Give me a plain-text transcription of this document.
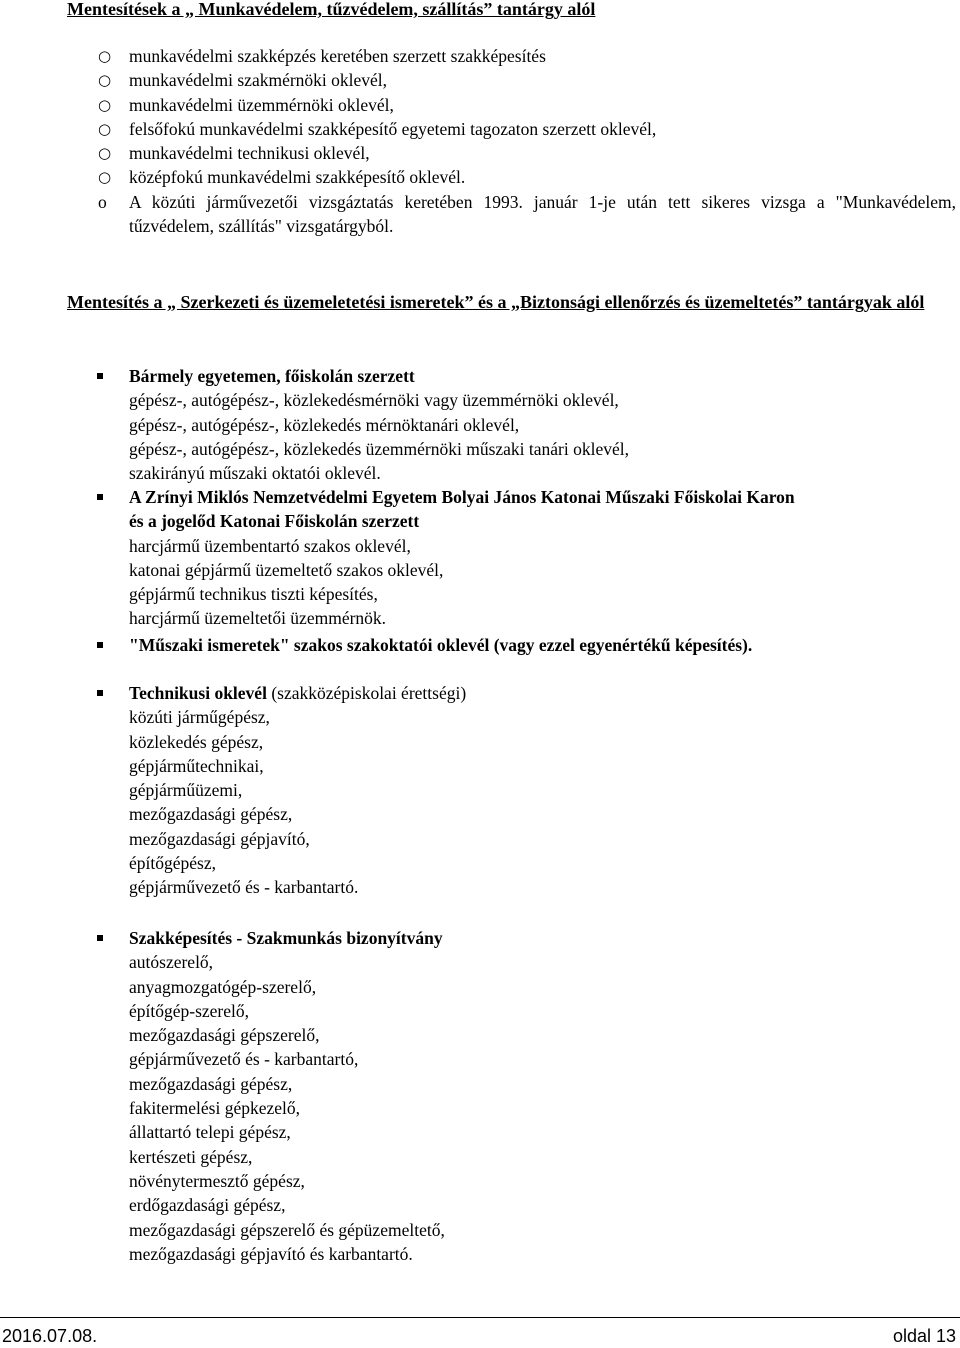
Mentesítések a „ Munkavédelem, tűzvédelem, szállítás” tantárgy alól
○ munkavédelmi szakképzés keretében szerzett szakképesítés
○ munkavédelmi szakmérnöki oklevél,
○ munkavédelmi üzemmérnöki oklevél,
○ felsőfokú munkavédelmi szakképesítő egyetemi tagozaton szerzett oklevél,
○ munkavédelmi technikusi oklevél,
○ középfokú munkavédelmi szakképesítő oklevél.
o A közúti járművezetői vizsgáztatás keretében 1993. január 1-je után tett sikeres vizsga a "Munkavédelem, tűzvédelem, szállítás" vizsgatárgyból.
Mentesítés a „ Szerkezeti és üzemeletetési ismeretek” és a „Biztonsági ellenőrzés és üzemeltetés” tantárgyak alól
Bármely egyetemen, főiskolán szerzett
gépész-, autógépész-, közlekedésmérnöki vagy üzemmérnöki oklevél,
gépész-, autógépész-, közlekedés mérnöktanári oklevél,
gépész-, autógépész-, közlekedés üzemmérnöki műszaki tanári oklevél,
szakirányú műszaki oktatói oklevél.
A Zrínyi Miklós Nemzetvédelmi Egyetem Bolyai János Katonai Műszaki Főiskolai Karon
és a jogelőd Katonai Főiskolán szerzett
harcjármű üzembentartó szakos oklevél,
katonai gépjármű üzemeltető szakos oklevél,
gépjármű technikus tiszti képesítés,
harcjármű üzemeltetői üzemmérnök.
"Műszaki ismeretek" szakos szakoktatói oklevél (vagy ezzel egyenértékű képesítés).
Technikusi oklevél (szakközépiskolai érettségi)
közúti járműgépész,
közlekedés gépész,
gépjárműtechnikai,
gépjárműüzemi,
mezőgazdasági gépész,
mezőgazdasági gépjavító,
építőgépész,
gépjárművezető és - karbantartó.
Szakképesítés - Szakmunkás bizonyítvány
autószerelő,
anyagmozgatógép-szerelő,
építőgép-szerelő,
mezőgazdasági gépszerelő,
gépjárművezető és - karbantartó,
mezőgazdasági gépész,
fakitermelési gépkezelő,
állattartó telepi gépész,
kertészeti gépész,
növénytermesztő gépész,
erdőgazdasági gépész,
mezőgazdasági gépszerelő és gépüzemeltető,
mezőgazdasági gépjavító és karbantartó.
2016.07.08.	oldal 13
